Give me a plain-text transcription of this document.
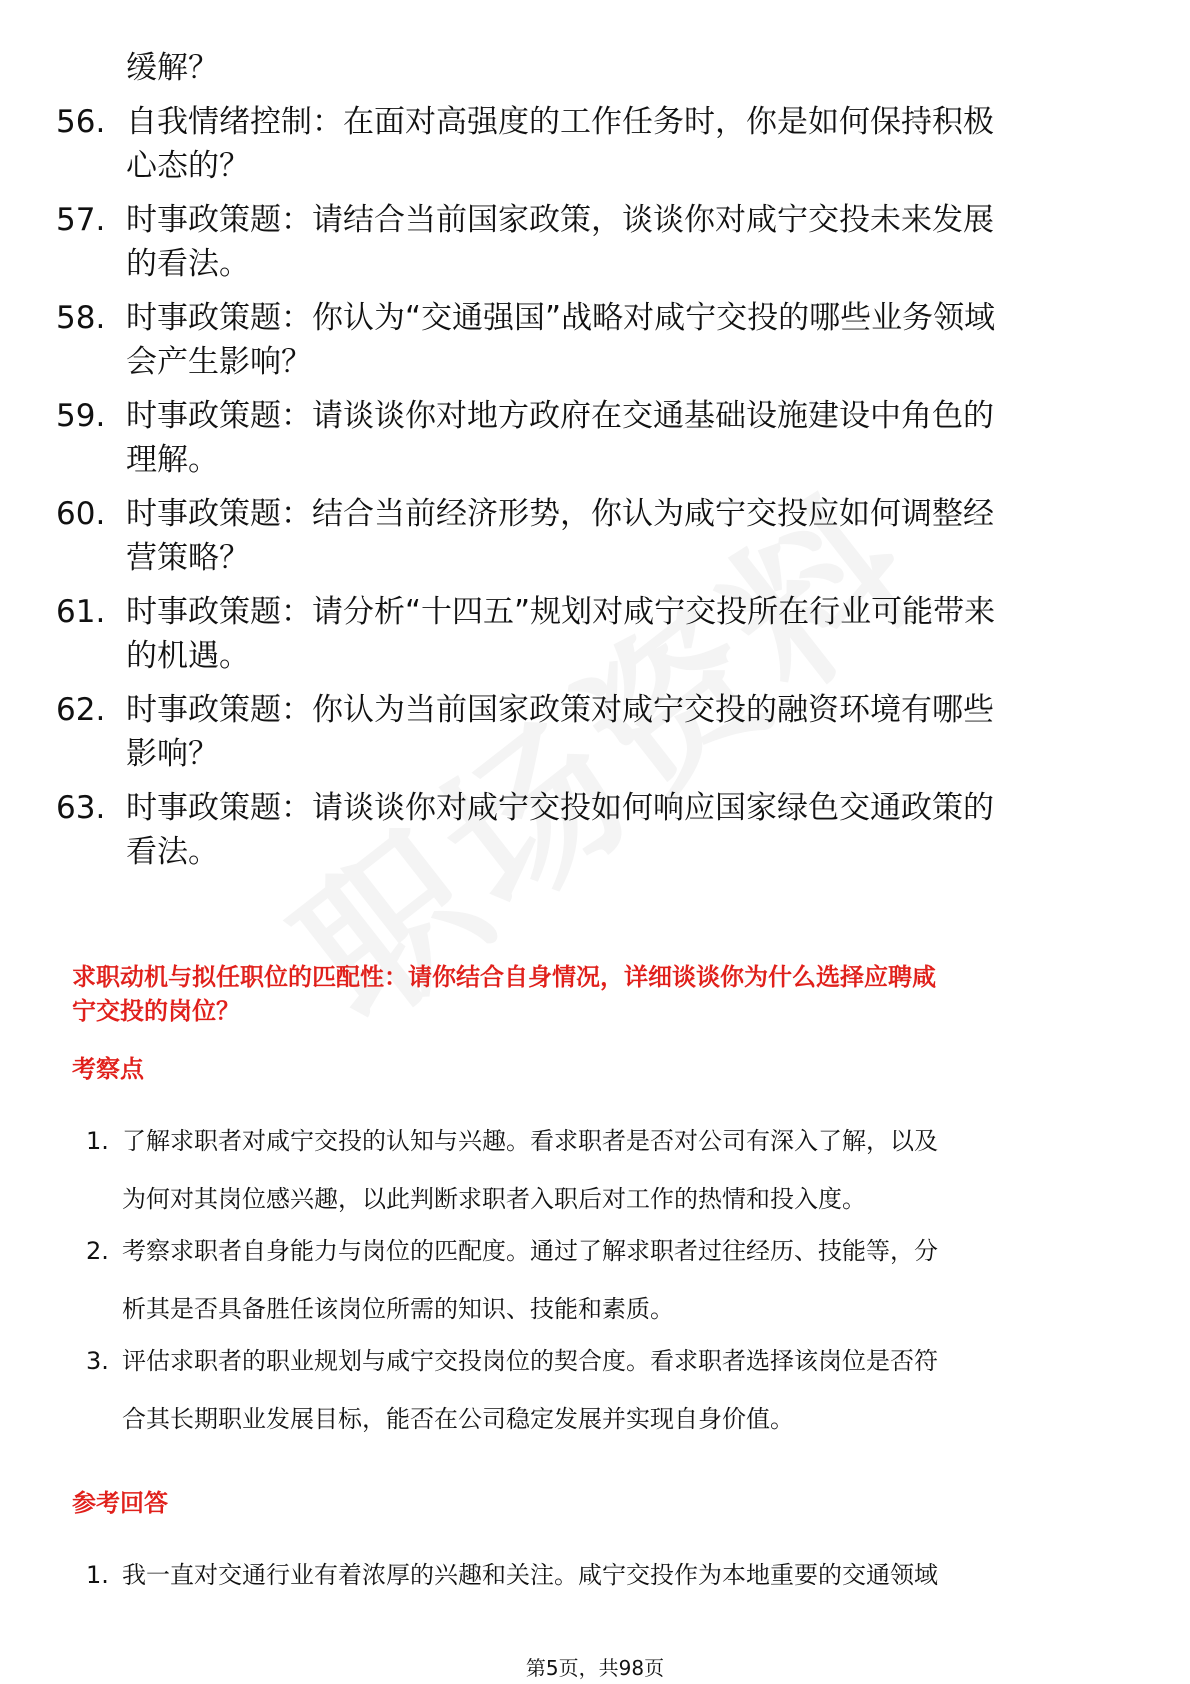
缓解？
56. 自我情绪控制：在面对高强度的工作任务时，你是如何保持积极
心态的？
57. 时事政策题：请结合当前国家政策，谈谈你对咸宁交投未来发展
的看法。
58. 时事政策题：你认为“交通强国”战略对咸宁交投的哪些业务领域
会产生影响？
59. 时事政策题：请谈谈你对地方政府在交通基础设施建设中角色的
理解。
60. 时事政策题：结合当前经济形势，你认为咸宁交投应如何调整经
营策略？
61. 时事政策题：请分析“十四五”规划对咸宁交投所在行业可能带来
的机遇。
62. 时事政策题：你认为当前国家政策对咸宁交投的融资环境有哪些
影响？
63. 时事政策题：请谈谈你对咸宁交投如何响应国家绿色交通政策的
看法。
求职动机与拟任职位的匹配性：请你结合自身情况，详细谈谈你为什么选择应聘咸
宁交投的岗位？
考察点
1. 了解求职者对咸宁交投的认知与兴趣。看求职者是否对公司有深入了解，以及
为何对其岗位感兴趣，以此判断求职者入职后对工作的热情和投入度。
2. 考察求职者自身能力与岗位的匹配度。通过了解求职者过往经历、技能等，分
析其是否具备胜任该岗位所需的知识、技能和素质。
3. 评估求职者的职业规划与咸宁交投岗位的契合度。看求职者选择该岗位是否符
合其长期职业发展目标，能否在公司稳定发展并实现自身价值。
参考回答
1. 我一直对交通行业有着浓厚的兴趣和关注。咸宁交投作为本地重要的交通领域
第5页，共98页
